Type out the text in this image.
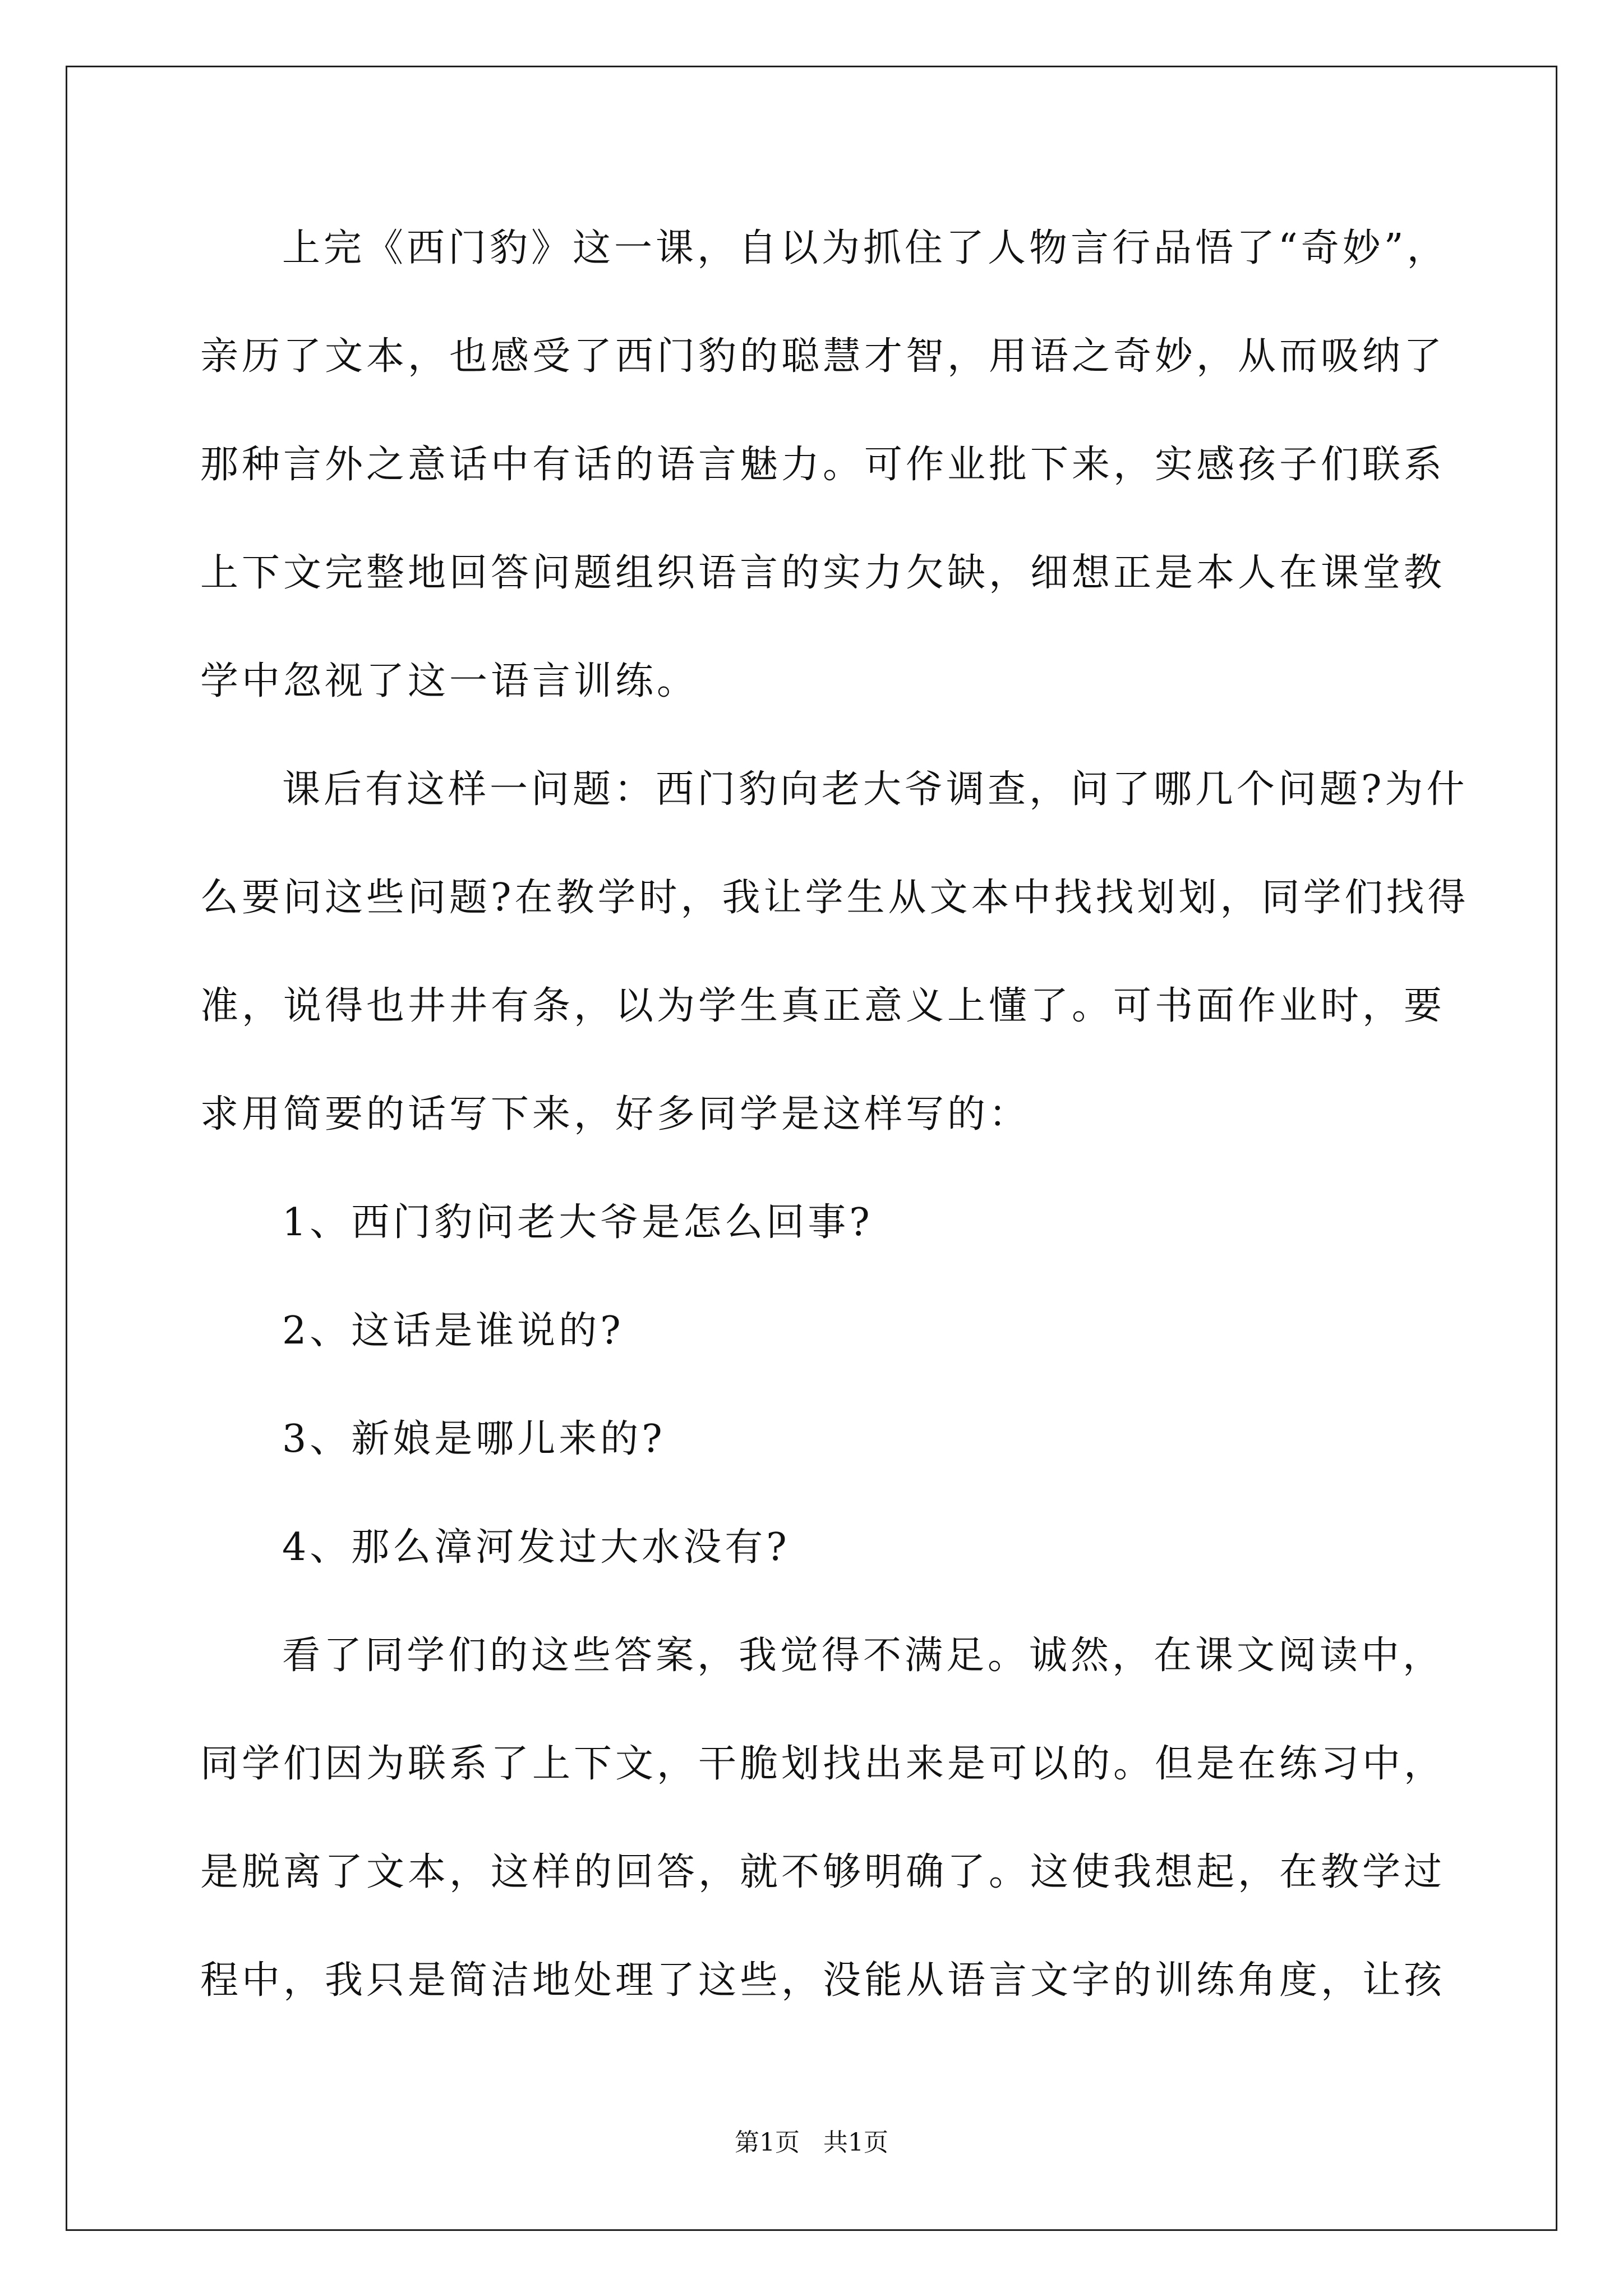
上完《西门豹》这一课，自以为抓住了人物言行品悟了“奇妙”，
亲历了文本，也感受了西门豹的聪慧才智，用语之奇妙，从而吸纳了
那种言外之意话中有话的语言魅力。可作业批下来，实感孩子们联系
上下文完整地回答问题组织语言的实力欠缺，细想正是本人在课堂教
学中忽视了这一语言训练。
课后有这样一问题：西门豹向老大爷调查，问了哪几个问题?为什
么要问这些问题?在教学时，我让学生从文本中找找划划，同学们找得
准，说得也井井有条，以为学生真正意义上懂了。可书面作业时，要
求用简要的话写下来，好多同学是这样写的：
1、西门豹问老大爷是怎么回事?
2、这话是谁说的?
3、新娘是哪儿来的?
4、那么漳河发过大水没有?
看了同学们的这些答案，我觉得不满足。诚然，在课文阅读中，
同学们因为联系了上下文，干脆划找出来是可以的。但是在练习中，
是脱离了文本，这样的回答，就不够明确了。这使我想起，在教学过
程中，我只是简洁地处理了这些，没能从语言文字的训练角度，让孩
第1页   共1页
